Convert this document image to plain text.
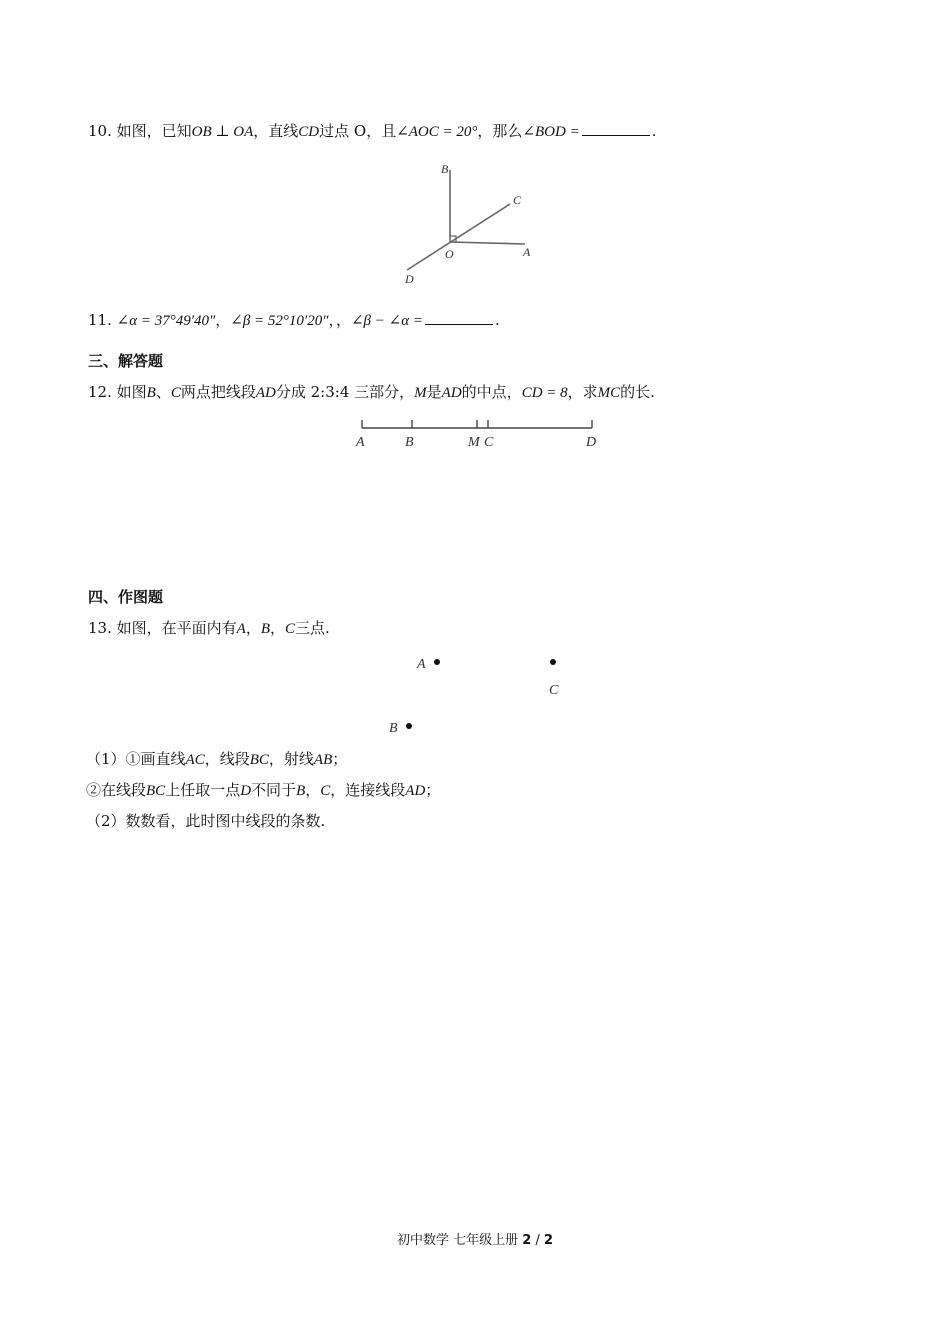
10. 如图，已知OB ⊥ OA，直线CD过点 O，且∠AOC = 20°，那么∠BOD =	.
B
C
O	A
D
11. ∠α = 37°49′40″，∠β = 52°10′20″，，∠β − ∠α =	.
三、解答题
12. 如图B、C两点把线段AD分成 2:3:4 三部分，M是AD的中点，CD = 8，求MC的长.
A	B	M C	D
四、作图题
13. 如图，在平面内有A，B，C三点.
A
C
B
（1）①画直线AC，线段BC，射线AB；
②在线段BC上任取一点D不同于B，C，连接线段AD；
（2）数数看，此时图中线段的条数.
初中数学 七年级上册 2 / 2
